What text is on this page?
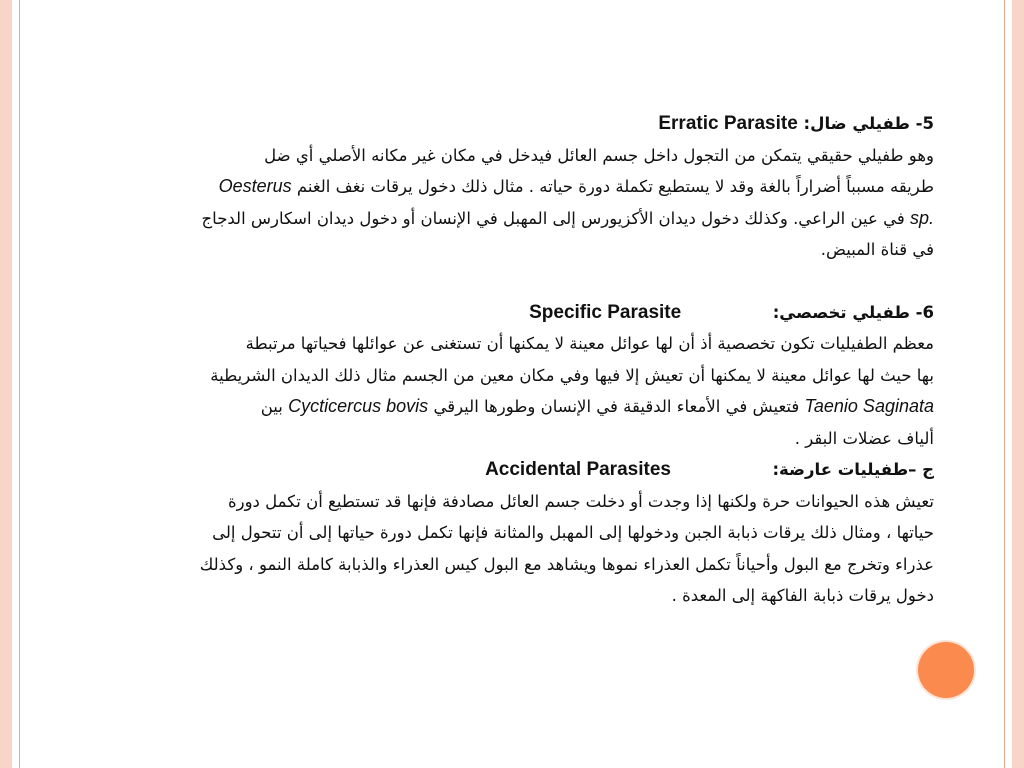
5- طفيلي ضال: Erratic Parasite

وهو طفيلي حقيقي يتمكن من التجول داخل جسم العائل فيدخل في مكان غير مكانه الأصلي أي ضل

طريقه مسبباً أضراراً بالغة وقد لا يستطيع تكملة دورة حياته . مثال ذلك دخول يرقات نغف الغنم Oesterus

sp. في عين الراعي. وكذلك دخول ديدان الأكزيورس إلى المهبل في الإنسان أو دخول ديدان اسكارس الدجاج

في قناة المبيض.

6- طفيلي تخصصي:  Specific Parasite

معظم الطفيليات تكون تخصصية أذ أن لها عوائل معينة لا يمكنها أن تستغنى عن عوائلها فحياتها مرتبطة

بها حيث لها عوائل معينة لا يمكنها أن تعيش إلا فيها وفي مكان معين من الجسم مثال ذلك الديدان الشريطية

Taenio Saginata فتعيش في الأمعاء الدقيقة في الإنسان وطورها اليرقي Cycticercus bovis بين

ألياف عضلات البقر .

ج –طفيليات عارضة:  Accidental Parasites

تعيش هذه الحيوانات حرة ولكنها إذا وجدت أو دخلت جسم العائل مصادفة فإنها قد تستطيع أن تكمل دورة

حياتها ، ومثال ذلك يرقات ذبابة الجبن ودخولها إلى المهبل والمثانة فإنها تكمل دورة حياتها إلى أن تتحول إلى

عذراء وتخرج مع البول وأحياناً تكمل العذراء نموها ويشاهد مع البول كيس العذراء والذبابة كاملة النمو ، وكذلك

دخول يرقات ذبابة الفاكهة إلى المعدة .
